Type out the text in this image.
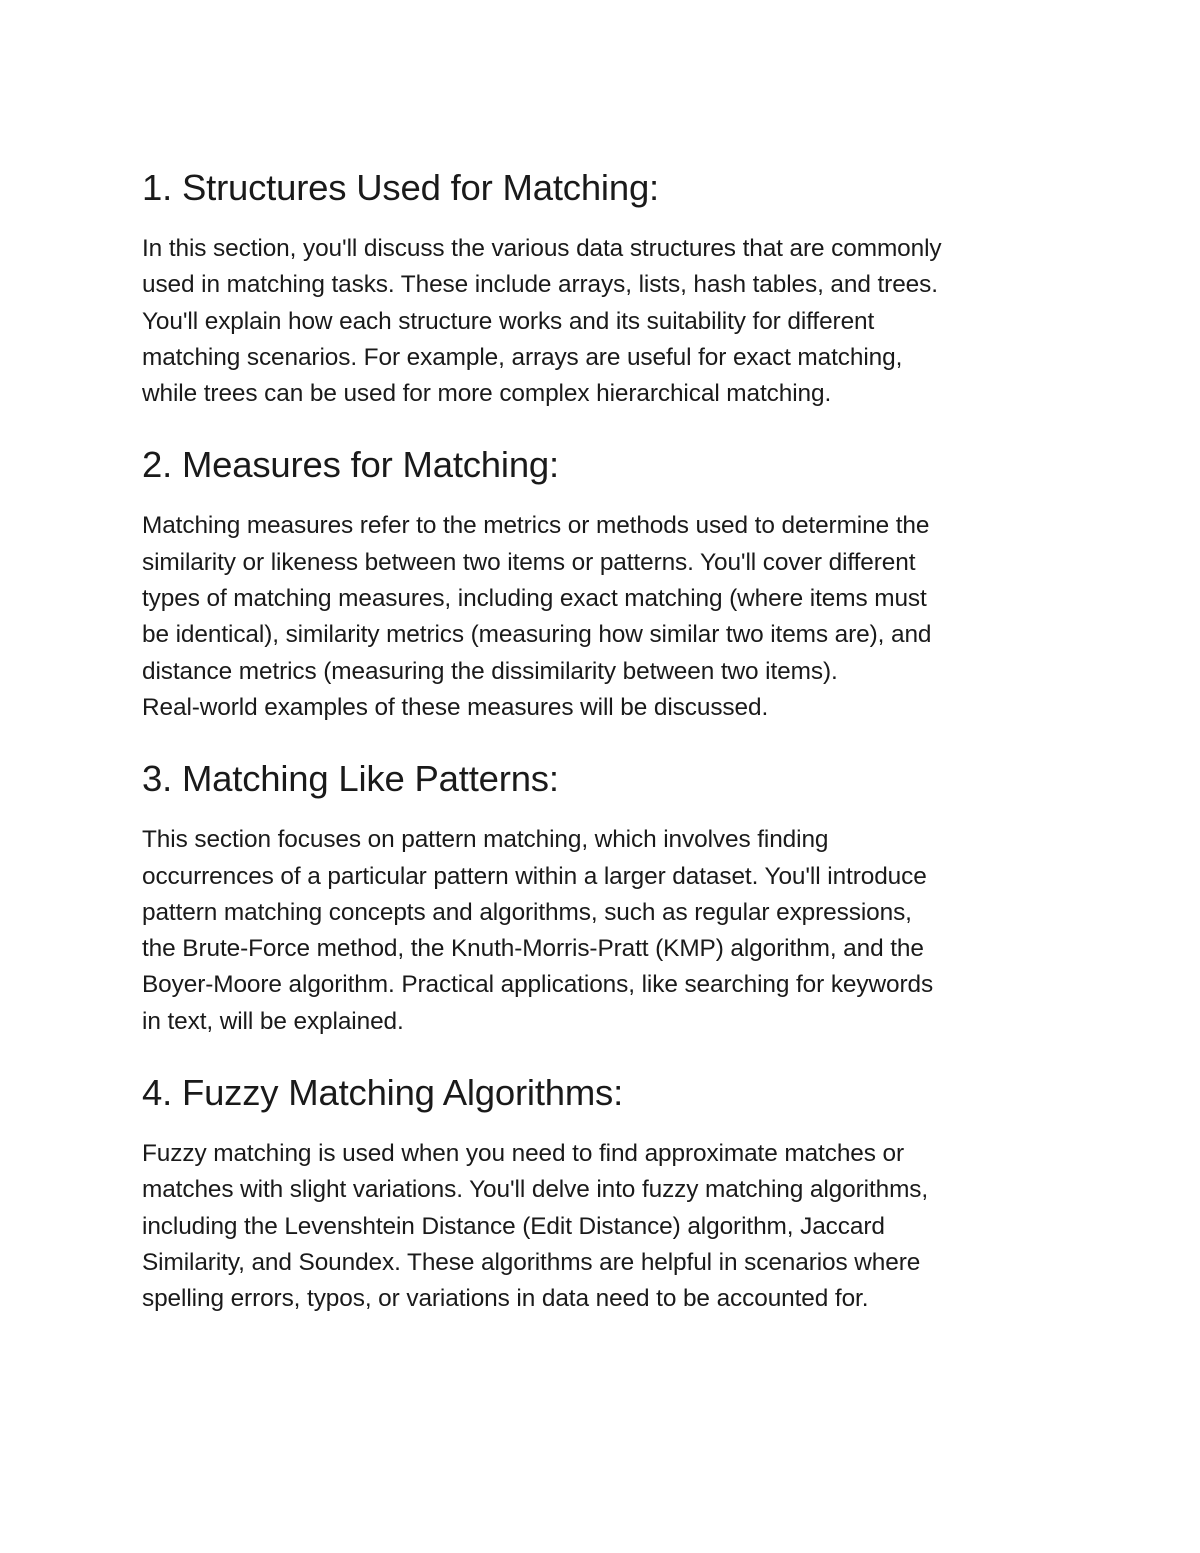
1. Structures Used for Matching:
In this section, you'll discuss the various data structures that are commonly
used in matching tasks. These include arrays, lists, hash tables, and trees.
You'll explain how each structure works and its suitability for different
matching scenarios. For example, arrays are useful for exact matching,
while trees can be used for more complex hierarchical matching.
2. Measures for Matching:
Matching measures refer to the metrics or methods used to determine the
similarity or likeness between two items or patterns. You'll cover different
types of matching measures, including exact matching (where items must
be identical), similarity metrics (measuring how similar two items are), and
distance metrics (measuring the dissimilarity between two items).
Real-world examples of these measures will be discussed.
3. Matching Like Patterns:
This section focuses on pattern matching, which involves finding
occurrences of a particular pattern within a larger dataset. You'll introduce
pattern matching concepts and algorithms, such as regular expressions,
the Brute-Force method, the Knuth-Morris-Pratt (KMP) algorithm, and the
Boyer-Moore algorithm. Practical applications, like searching for keywords
in text, will be explained.
4. Fuzzy Matching Algorithms:
Fuzzy matching is used when you need to find approximate matches or
matches with slight variations. You'll delve into fuzzy matching algorithms,
including the Levenshtein Distance (Edit Distance) algorithm, Jaccard
Similarity, and Soundex. These algorithms are helpful in scenarios where
spelling errors, typos, or variations in data need to be accounted for.
